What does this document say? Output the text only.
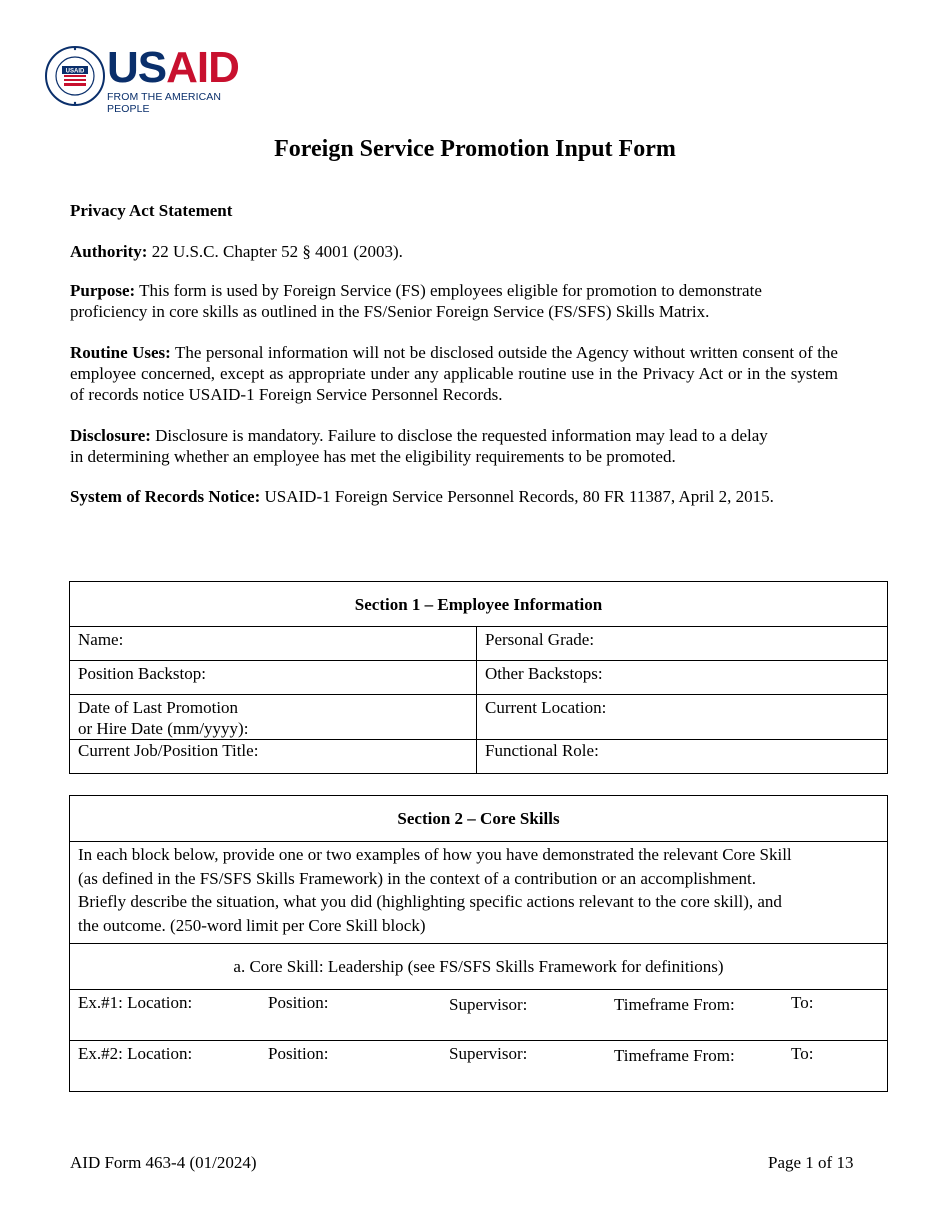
USAID USAID
FROM THE AMERICAN PEOPLE
Foreign Service Promotion Input Form

Privacy Act Statement

Authority: 22 U.S.C. Chapter 52 § 4001 (2003).

Purpose: This form is used by Foreign Service (FS) employees eligible for promotion to demonstrate
proficiency in core skills as outlined in the FS/Senior Foreign Service (FS/SFS) Skills Matrix.

Routine Uses: The personal information will not be disclosed outside the Agency without written consent of the employee concerned, except as appropriate under any applicable routine use in the Privacy Act or in the system of records notice USAID-1 Foreign Service Personnel Records.

Disclosure: Disclosure is mandatory. Failure to disclose the requested information may lead to a delay
in determining whether an employee has met the eligibility requirements to be promoted.

System of Records Notice: USAID-1 Foreign Service Personnel Records, 80 FR 11387, April 2, 2015.

Section 1 – Employee Information	
Name:	Personal Grade:
Position Backstop:	Other Backstops:
Date of Last Promotion
or Hire Date (mm/yyyy):	Current Location:
Current Job/Position Title:	Functional Role:
Section 2 – Core Skills
In each block below, provide one or two examples of how you have demonstrated the relevant Core Skill
(as defined in the FS/SFS Skills Framework) in the context of a contribution or an accomplishment.
Briefly describe the situation, what you did (highlighting specific actions relevant to the core skill), and
the outcome. (250-word limit per Core Skill block)
a. Core Skill: Leadership (see FS/SFS Skills Framework for definitions)

Ex.#1: Location:	Position:	Supervisor:	Timeframe From:	To:

Ex.#2: Location:	Position:	Supervisor:	Timeframe From:	To:
AID Form 463-4 (01/2024)	Page 1 of 13
